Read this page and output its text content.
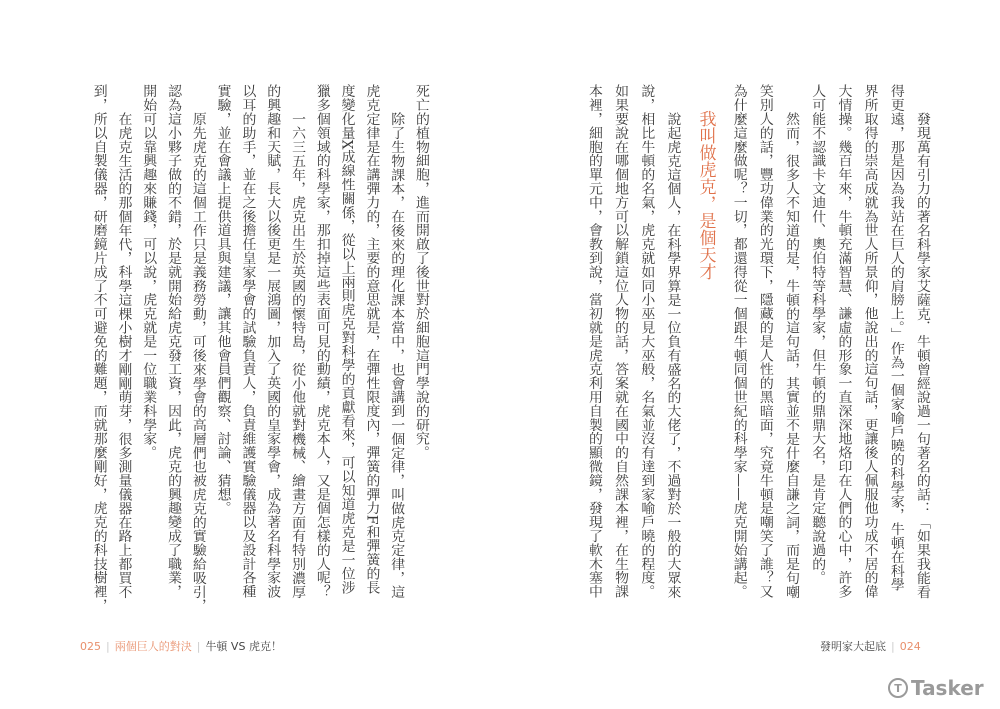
發現萬有引力的著名科學家艾薩克．牛頓曾經說過一句著名的話：「如果我能看
得更遠，那是因為我站在巨人的肩膀上。」作為一個家喻戶曉的科學家，牛頓在科學
界所取得的崇高成就為世人所景仰，他說出的這句話，更讓後人佩服他功成不居的偉
大情操。幾百年來，牛頓充滿智慧、謙虛的形象一直深深地烙印在人們的心中，許多
人可能不認識卡文迪什、奧伯特等科學家，但牛頓的鼎鼎大名，是肯定聽說過的。
然而，很多人不知道的是，牛頓的這句話，其實並不是什麼自謙之詞，而是句嘲
笑別人的話，豐功偉業的光環下，隱藏的是人性的黑暗面，究竟牛頓是嘲笑了誰？又
為什麼這麼做呢？一切，都還得從一個跟牛頓同個世紀的科學家——虎克開始講起。
我叫做虎克，是個天才
說起虎克這個人，在科學界算是一位負有盛名的大佬了，不過對於一般的大眾來
說，相比牛頓的名氣，虎克就如同小巫見大巫般，名氣並沒有達到家喻戶曉的程度。
如果要說在哪個地方可以解鎖這位人物的話，答案就在國中的自然課本裡，在生物課
本裡，細胞的單元中，會教到說，當初就是虎克利用自製的顯微鏡，發現了軟木塞中
死亡的植物細胞，進而開啟了後世對於細胞這門學說的研究。
除了生物課本，在後來的理化課本當中，也會講到一個定律，叫做虎克定律，這
虎克定律是在講彈力的，主要的意思就是，在彈性限度內，彈簧的彈力F和彈簧的長
度變化量X成線性關係，從以上兩則虎克對科學的貢獻看來，可以知道虎克是一位涉
獵多個領域的科學家，那扣掉這些表面可見的動績，虎克本人，又是個怎樣的人呢？
一六三五年，虎克出生於英國的懷特島，從小他就對機械、繪畫方面有特別濃厚
的興趣和天賦，長大以後更是一展鴻圖，加入了英國的皇家學會，成為著名科學家波
以耳的助手，並在之後擔任皇家學會的試驗負責人，負責維護實驗儀器以及設計各種
實驗，並在會議上提供道具與建議，讓其他會員們觀察、討論、猜想。
原先虎克的這個工作只是義務勞動，可後來學會的高層們也被虎克的實驗給吸引，
認為這小夥子做的不錯，於是就開始給虎克發工資，因此，虎克的興趣變成了職業，
開始可以靠興趣來賺錢，可以說，虎克就是一位職業科學家。
在虎克生活的那個年代，科學這棵小樹才剛剛萌芽，很多測量儀器在路上都買不
到，所以自製儀器，研磨鏡片成了不可避免的難題，而就那麼剛好，虎克的科技樹裡，
025 | 兩個巨人的對決 | 牛頓 VS 虎克！	發明家大起底 | 024
T Tasker
